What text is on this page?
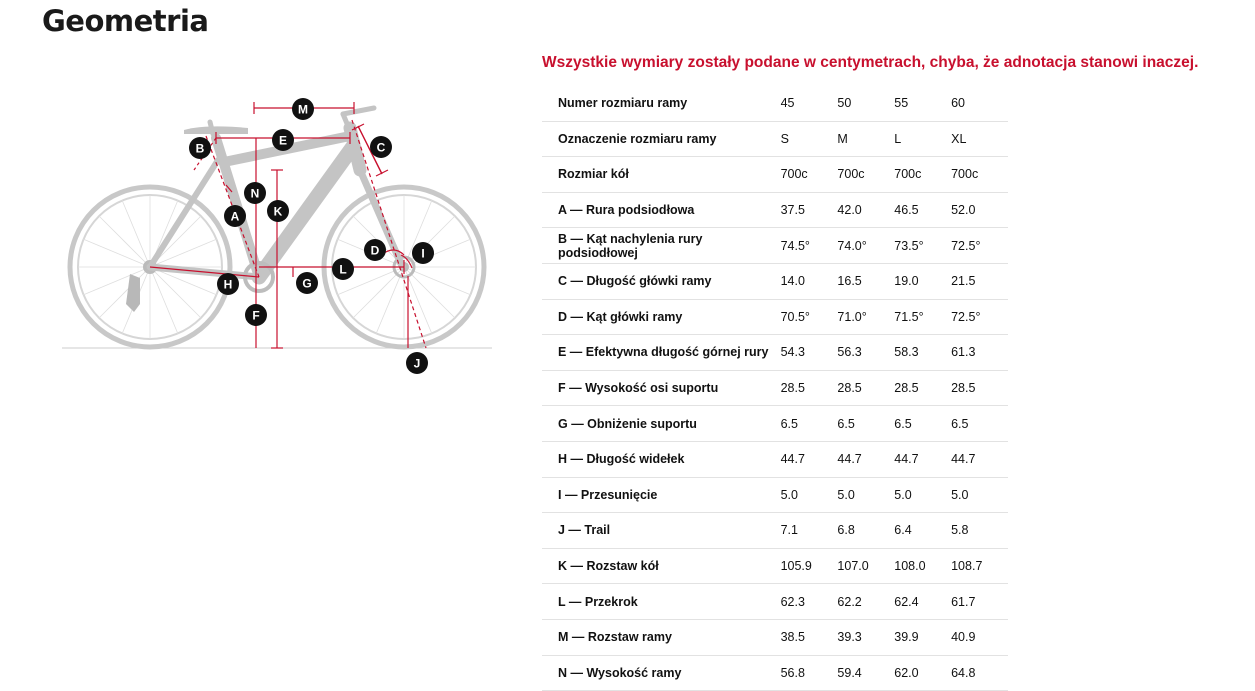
Geometria
M
E
B	C
N
K
A
D	I
L
H	G
F
J

Wszystkie wymiary zostały podane w centymetrach, chyba, że adnotacja stanowi inaczej.

Numer rozmiaru ramy	45	50	55	60
Oznaczenie rozmiaru ramy	S	M	L	XL
Rozmiar kół	700c	700c	700c	700c
A — Rura podsiodłowa	37.5	42.0	46.5	52.0
B — Kąt nachylenia rury podsiodłowej	74.5°	74.0°	73.5°	72.5°
C — Długość główki ramy	14.0	16.5	19.0	21.5
D — Kąt główki ramy	70.5°	71.0°	71.5°	72.5°
E — Efektywna długość górnej rury	54.3	56.3	58.3	61.3
F — Wysokość osi suportu	28.5	28.5	28.5	28.5
G — Obniżenie suportu	6.5	6.5	6.5	6.5
H — Długość widełek	44.7	44.7	44.7	44.7
I — Przesunięcie	5.0	5.0	5.0	5.0
J — Trail	7.1	6.8	6.4	5.8
K — Rozstaw kół	105.9	107.0	108.0	108.7
L — Przekrok	62.3	62.2	62.4	61.7
M — Rozstaw ramy	38.5	39.3	39.9	40.9
N — Wysokość ramy	56.8	59.4	62.0	64.8
